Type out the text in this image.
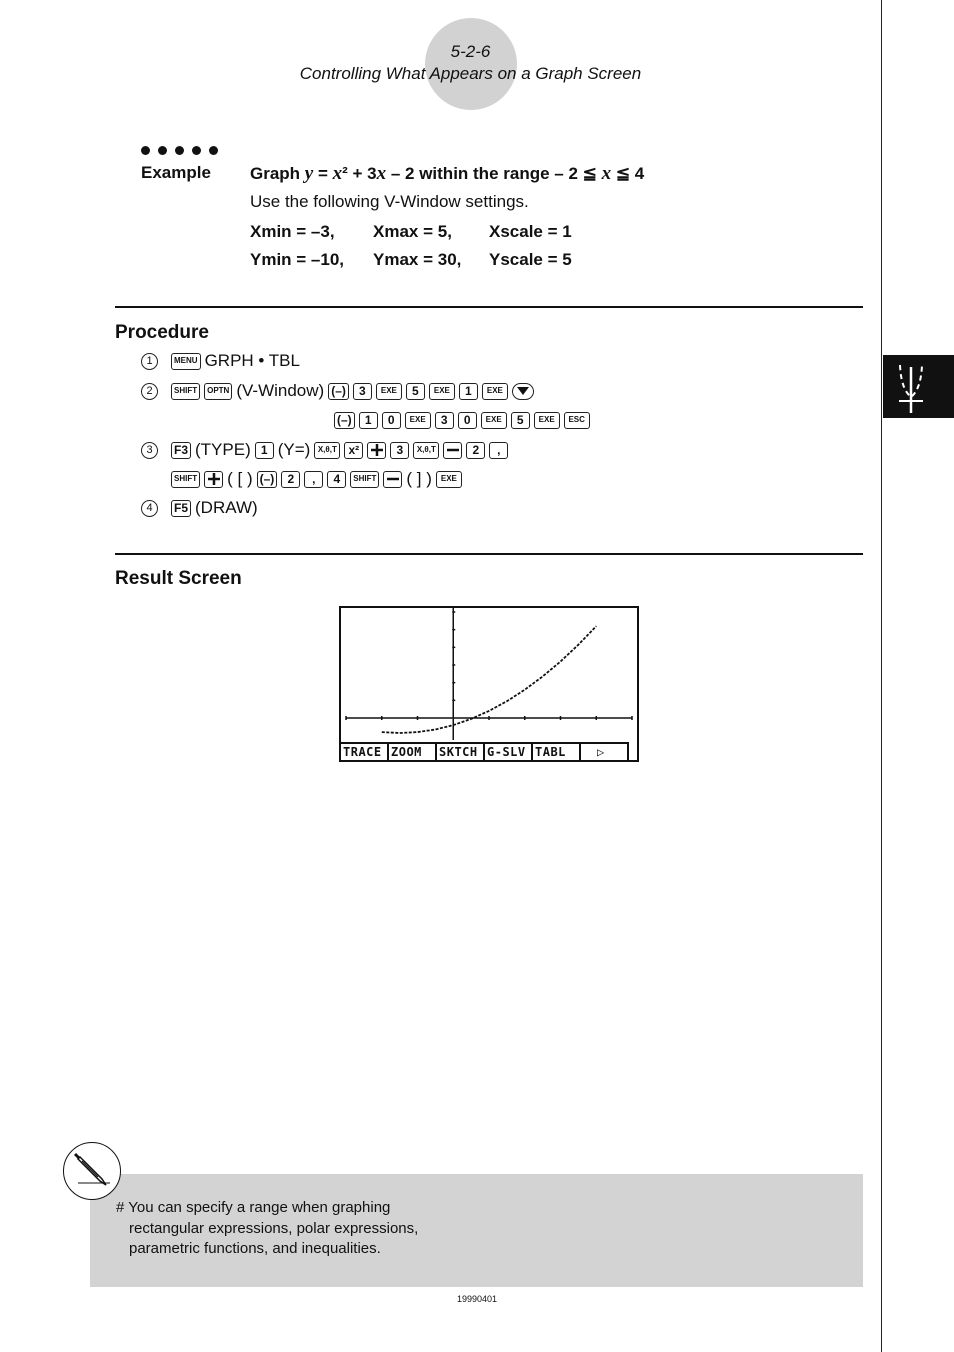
5-2-6
Controlling What Appears on a Graph Screen
Example Graph y = x² + 3x – 2 within the range – 2 ≦ x ≦ 4
Use the following V-Window settings.
Xmin = –3, Xmax = 5, Xscale = 1
Ymin = –10, Ymax = 30, Yscale = 5
Procedure
1	MENU GRPH • TBL
2	SHIFT	OPTN (V-Window) (–)	3	EXE	5	EXE	1	EXE
(–)	1	0	EXE	3	0	EXE	5	EXE	ESC
3	F3 (TYPE) 1 (Y=) X,θ,T x²	3	X,θ,T	2	,
SHIFT ( [ ) (–)	2	,	4	SHIFT ( ] )	EXE
4	F5 (DRAW)
Result Screen
TRACE ZOOM	SKTCH G-SLV TABL	▷
# You can specify a range when graphing
rectangular expressions, polar expressions,
parametric functions, and inequalities.
19990401
